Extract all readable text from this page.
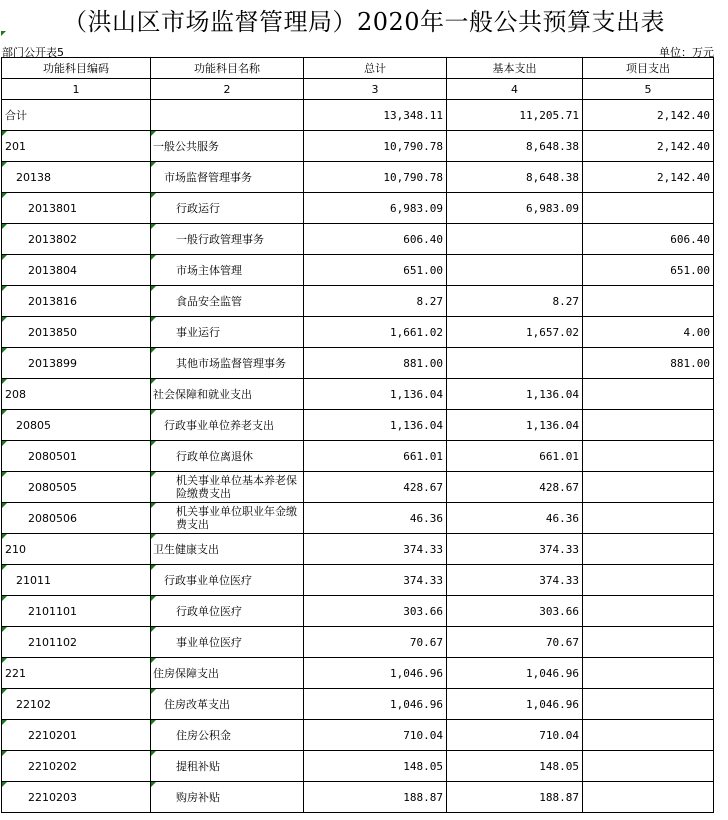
（洪山区市场监督管理局）2020年一般公共预算支出表
部门公开表5	单位：万元
功能科目编码	功能科目名称	总计	基本支出	项目支出
1	2	3	4	5
合计		13,348.11	11,205.71	2,142.40
201	一般公共服务	10,790.78	8,648.38	2,142.40
20138	市场监督管理事务	10,790.78	8,648.38	2,142.40
2013801	行政运行	6,983.09	6,983.09	
2013802	一般行政管理事务	606.40		606.40
2013804	市场主体管理	651.00		651.00
2013816	食品安全监管	8.27	8.27	
2013850	事业运行	1,661.02	1,657.02	4.00
2013899	其他市场监督管理事务	881.00		881.00
208	社会保障和就业支出	1,136.04	1,136.04	
20805	行政事业单位养老支出	1,136.04	1,136.04	
2080501	行政单位离退休	661.01	661.01	
2080505	机关事业单位基本养老保险缴费支出	428.67	428.67	
2080506	机关事业单位职业年金缴费支出	46.36	46.36	
210	卫生健康支出	374.33	374.33	
21011	行政事业单位医疗	374.33	374.33	
2101101	行政单位医疗	303.66	303.66	
2101102	事业单位医疗	70.67	70.67	
221	住房保障支出	1,046.96	1,046.96	
22102	住房改革支出	1,046.96	1,046.96	
2210201	住房公积金	710.04	710.04	
2210202	提租补贴	148.05	148.05	
2210203	购房补贴	188.87	188.87	
